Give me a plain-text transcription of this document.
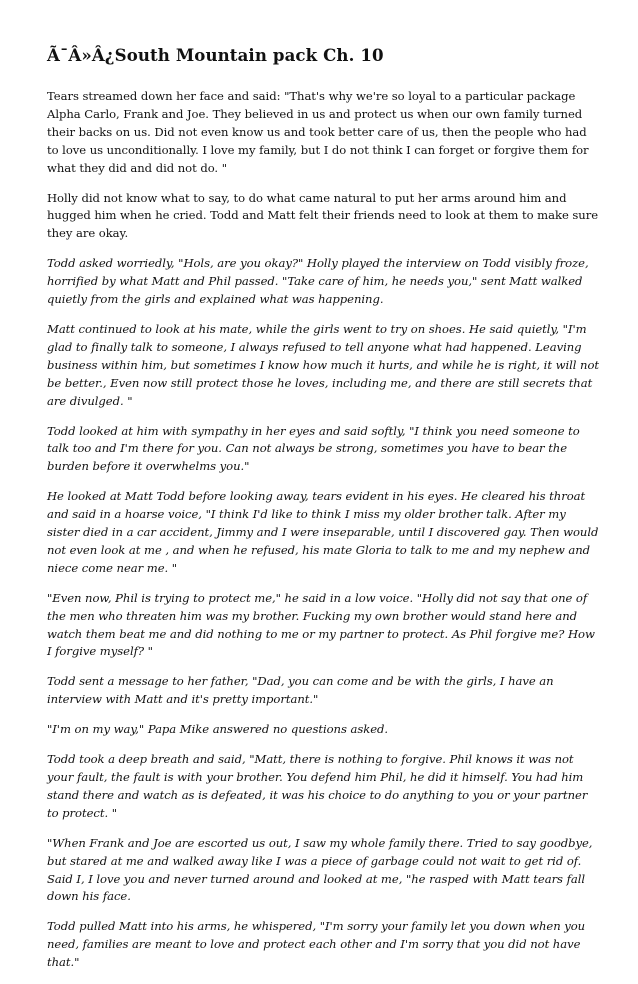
Ã¯Â»Â¿South Mountain pack Ch. 10

Tears streamed down her face and said: "That's why we're so loyal to a particular package Alpha Carlo, Frank and Joe. They believed in us and protect us when our own family turned their backs on us. Did not even know us and took better care of us, then the people who had to love us unconditionally. I love my family, but I do not think I can forget or forgive them for what they did and did not do. "

Holly did not know what to say, to do what came natural to put her arms around him and hugged him when he cried. Todd and Matt felt their friends need to look at them to make sure they are okay.

Todd asked worriedly, "Hols, are you okay?" Holly played the interview on Todd visibly froze, horrified by what Matt and Phil passed. "Take care of him, he needs you," sent Matt walked quietly from the girls and explained what was happening.

Matt continued to look at his mate, while the girls went to try on shoes. He said quietly, "I'm glad to finally talk to someone, I always refused to tell anyone what had happened. Leaving business within him, but sometimes I know how much it hurts, and while he is right, it will not be better., Even now still protect those he loves, including me, and there are still secrets that are divulged. "

Todd looked at him with sympathy in her eyes and said softly, "I think you need someone to talk too and I'm there for you. Can not always be strong, sometimes you have to bear the burden before it overwhelms you."

He looked at Matt Todd before looking away, tears evident in his eyes. He cleared his throat and said in a hoarse voice, "I think I'd like to think I miss my older brother talk. After my sister died in a car accident, Jimmy and I were inseparable, until I discovered gay. Then would not even look at me , and when he refused, his mate Gloria to talk to me and my nephew and niece come near me. "

"Even now, Phil is trying to protect me," he said in a low voice. "Holly did not say that one of the men who threaten him was my brother. Fucking my own brother would stand here and watch them beat me and did nothing to me or my partner to protect. As Phil forgive me? How I forgive myself? "

Todd sent a message to her father, "Dad, you can come and be with the girls, I have an interview with Matt and it's pretty important."

"I'm on my way," Papa Mike answered no questions asked.

Todd took a deep breath and said, "Matt, there is nothing to forgive. Phil knows it was not your fault, the fault is with your brother. You defend him Phil, he did it himself. You had him stand there and watch as is defeated, it was his choice to do anything to you or your partner to protect. "

"When Frank and Joe are escorted us out, I saw my whole family there. Tried to say goodbye, but stared at me and walked away like I was a piece of garbage could not wait to get rid of. Said I, I love you and never turned around and looked at me, "he rasped with Matt tears fall down his face.

Todd pulled Matt into his arms, he whispered, "I'm sorry your family let you down when you need, families are meant to love and protect each other and I'm sorry that you did not have that."
